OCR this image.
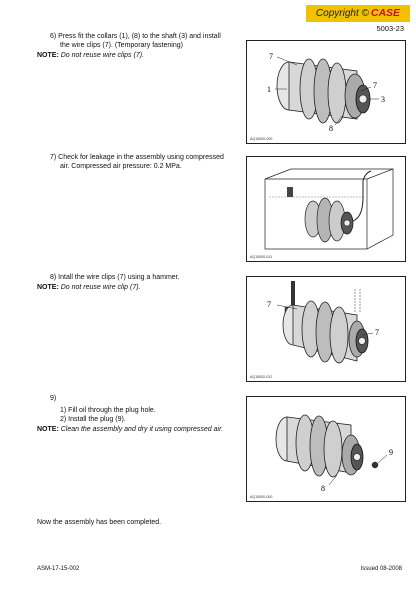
Copyright © CASE
5003-23
6) Press fit the collars (1), (8) to the shaft (3) and install
the wire clips (7). (Temporary fastening)
NOTE: Do not reuse wire clips (7).	7
7
1
3
8
AQ15000-000
7) Check for leakage in the assembly using compressed
air. Compressed air pressure: 0.2 MPa.
AQ15000-011
8) Intall the wire clips (7) using a hammer.
NOTE: Do not reuse wire clip (7).
7
7
AQ15002-012
9)
1) Fill oil through the plug hole.
2) Install the plug (9).
NOTE: Clean the assembly and dry it using compressed air.
9
8
AQ15000-000
Now the assembly has been completed.
ASM-17-15-002	Issued 08-2008
